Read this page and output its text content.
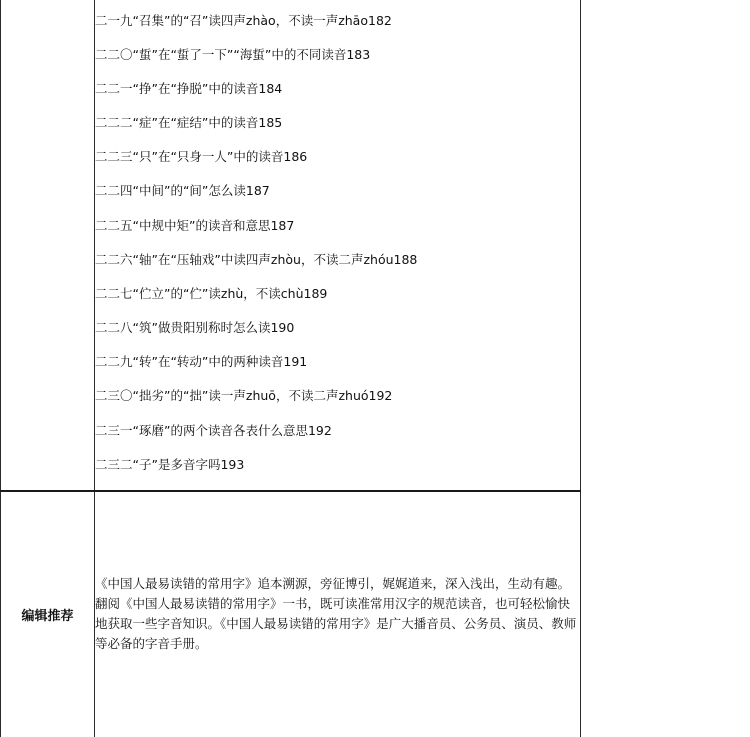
二一九“召集”的“召”读四声zhào，不读一声zhāo182
二二〇“蜇”在“蜇了一下”“海蜇”中的不同读音183
二二一“挣”在“挣脱”中的读音184
二二二“症”在“症结”中的读音185
二二三“只”在“只身一人”中的读音186
二二四“中间”的“间”怎么读187
二二五“中规中矩”的读音和意思187
二二六“轴”在“压轴戏”中读四声zhòu，不读二声zhóu188
二二七“伫立”的“伫”读zhù，不读chù189
二二八“筑”做贵阳别称时怎么读190
二二九“转”在“转动”中的两种读音191
二三〇“拙劣”的“拙”读一声zhuō，不读二声zhuó192
二三一“琢磨”的两个读音各表什么意思192
二三二“子”是多音字吗193
编辑推荐

《中国人最易读错的常用字》追本溯源，旁征博引，娓娓道来，深入浅出，生动有趣。翻阅《中国人最易读错的常用字》一书，既可读准常用汉字的规范读音，也可轻松愉快地获取一些字音知识。《中国人最易读错的常用字》是广大播音员、公务员、演员、教师等必备的字音手册。
